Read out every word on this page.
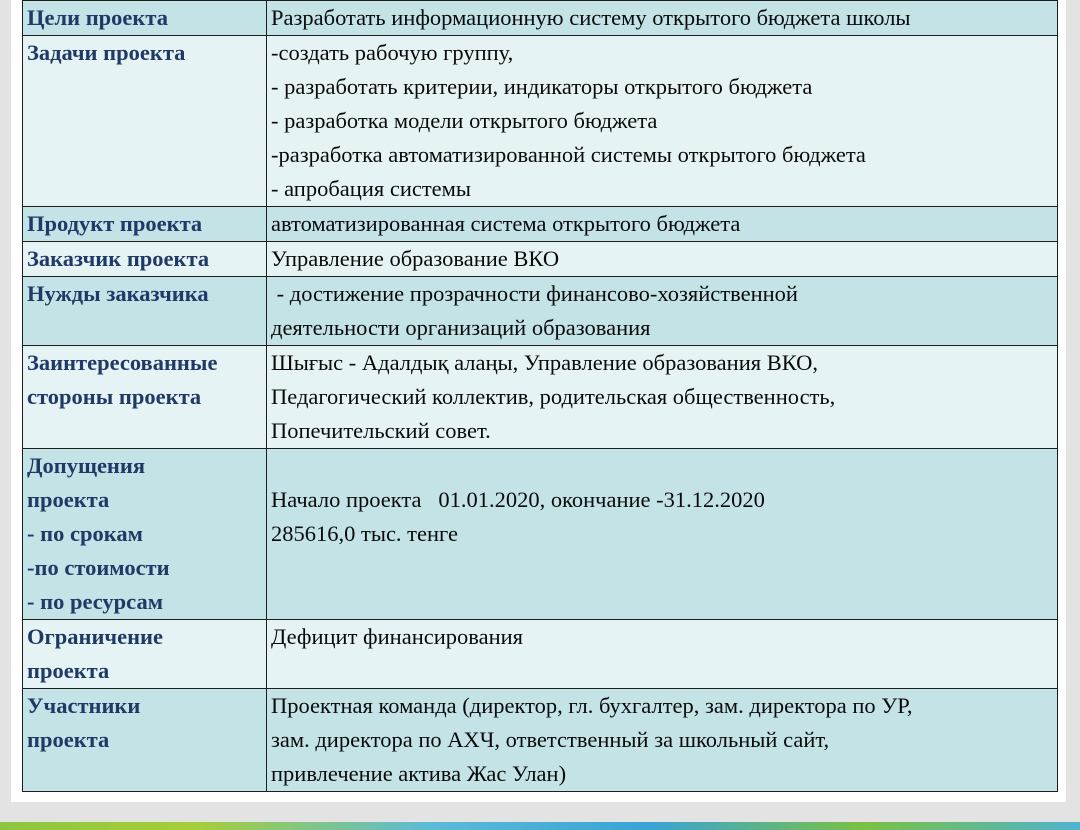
Цели проекта	Разработать информационную систему открытого бюджета школы

Задачи проекта	-создать рабочую группу,
- разработать критерии, индикаторы открытого бюджета
- разработка модели открытого бюджета
-разработка автоматизированной системы открытого бюджета
- апробация системы

Продукт проекта	автоматизированная система открытого бюджета

Заказчик проекта	Управление образование ВКО

Нужды заказчика	- достижение прозрачности финансово-хозяйственной
деятельности организаций образования

Заинтересованные
стороны проекта	Шығыс - Адалдық алаңы, Управление образования ВКО,
Педагогический коллектив, родительская общественность,
Попечительский совет.

Допущения
проекта
- по срокам
-по стоимости
- по ресурсам	Начало проекта   01.01.2020, окончание -31.12.2020
285616,0 тыс. тенге

Ограничение
проекта	Дефицит финансирования

Участники
проекта	Проектная команда (директор, гл. бухгалтер, зам. директора по УР,
зам. директора по АХЧ, ответственный за школьный сайт,
привлечение актива Жас Улан)
